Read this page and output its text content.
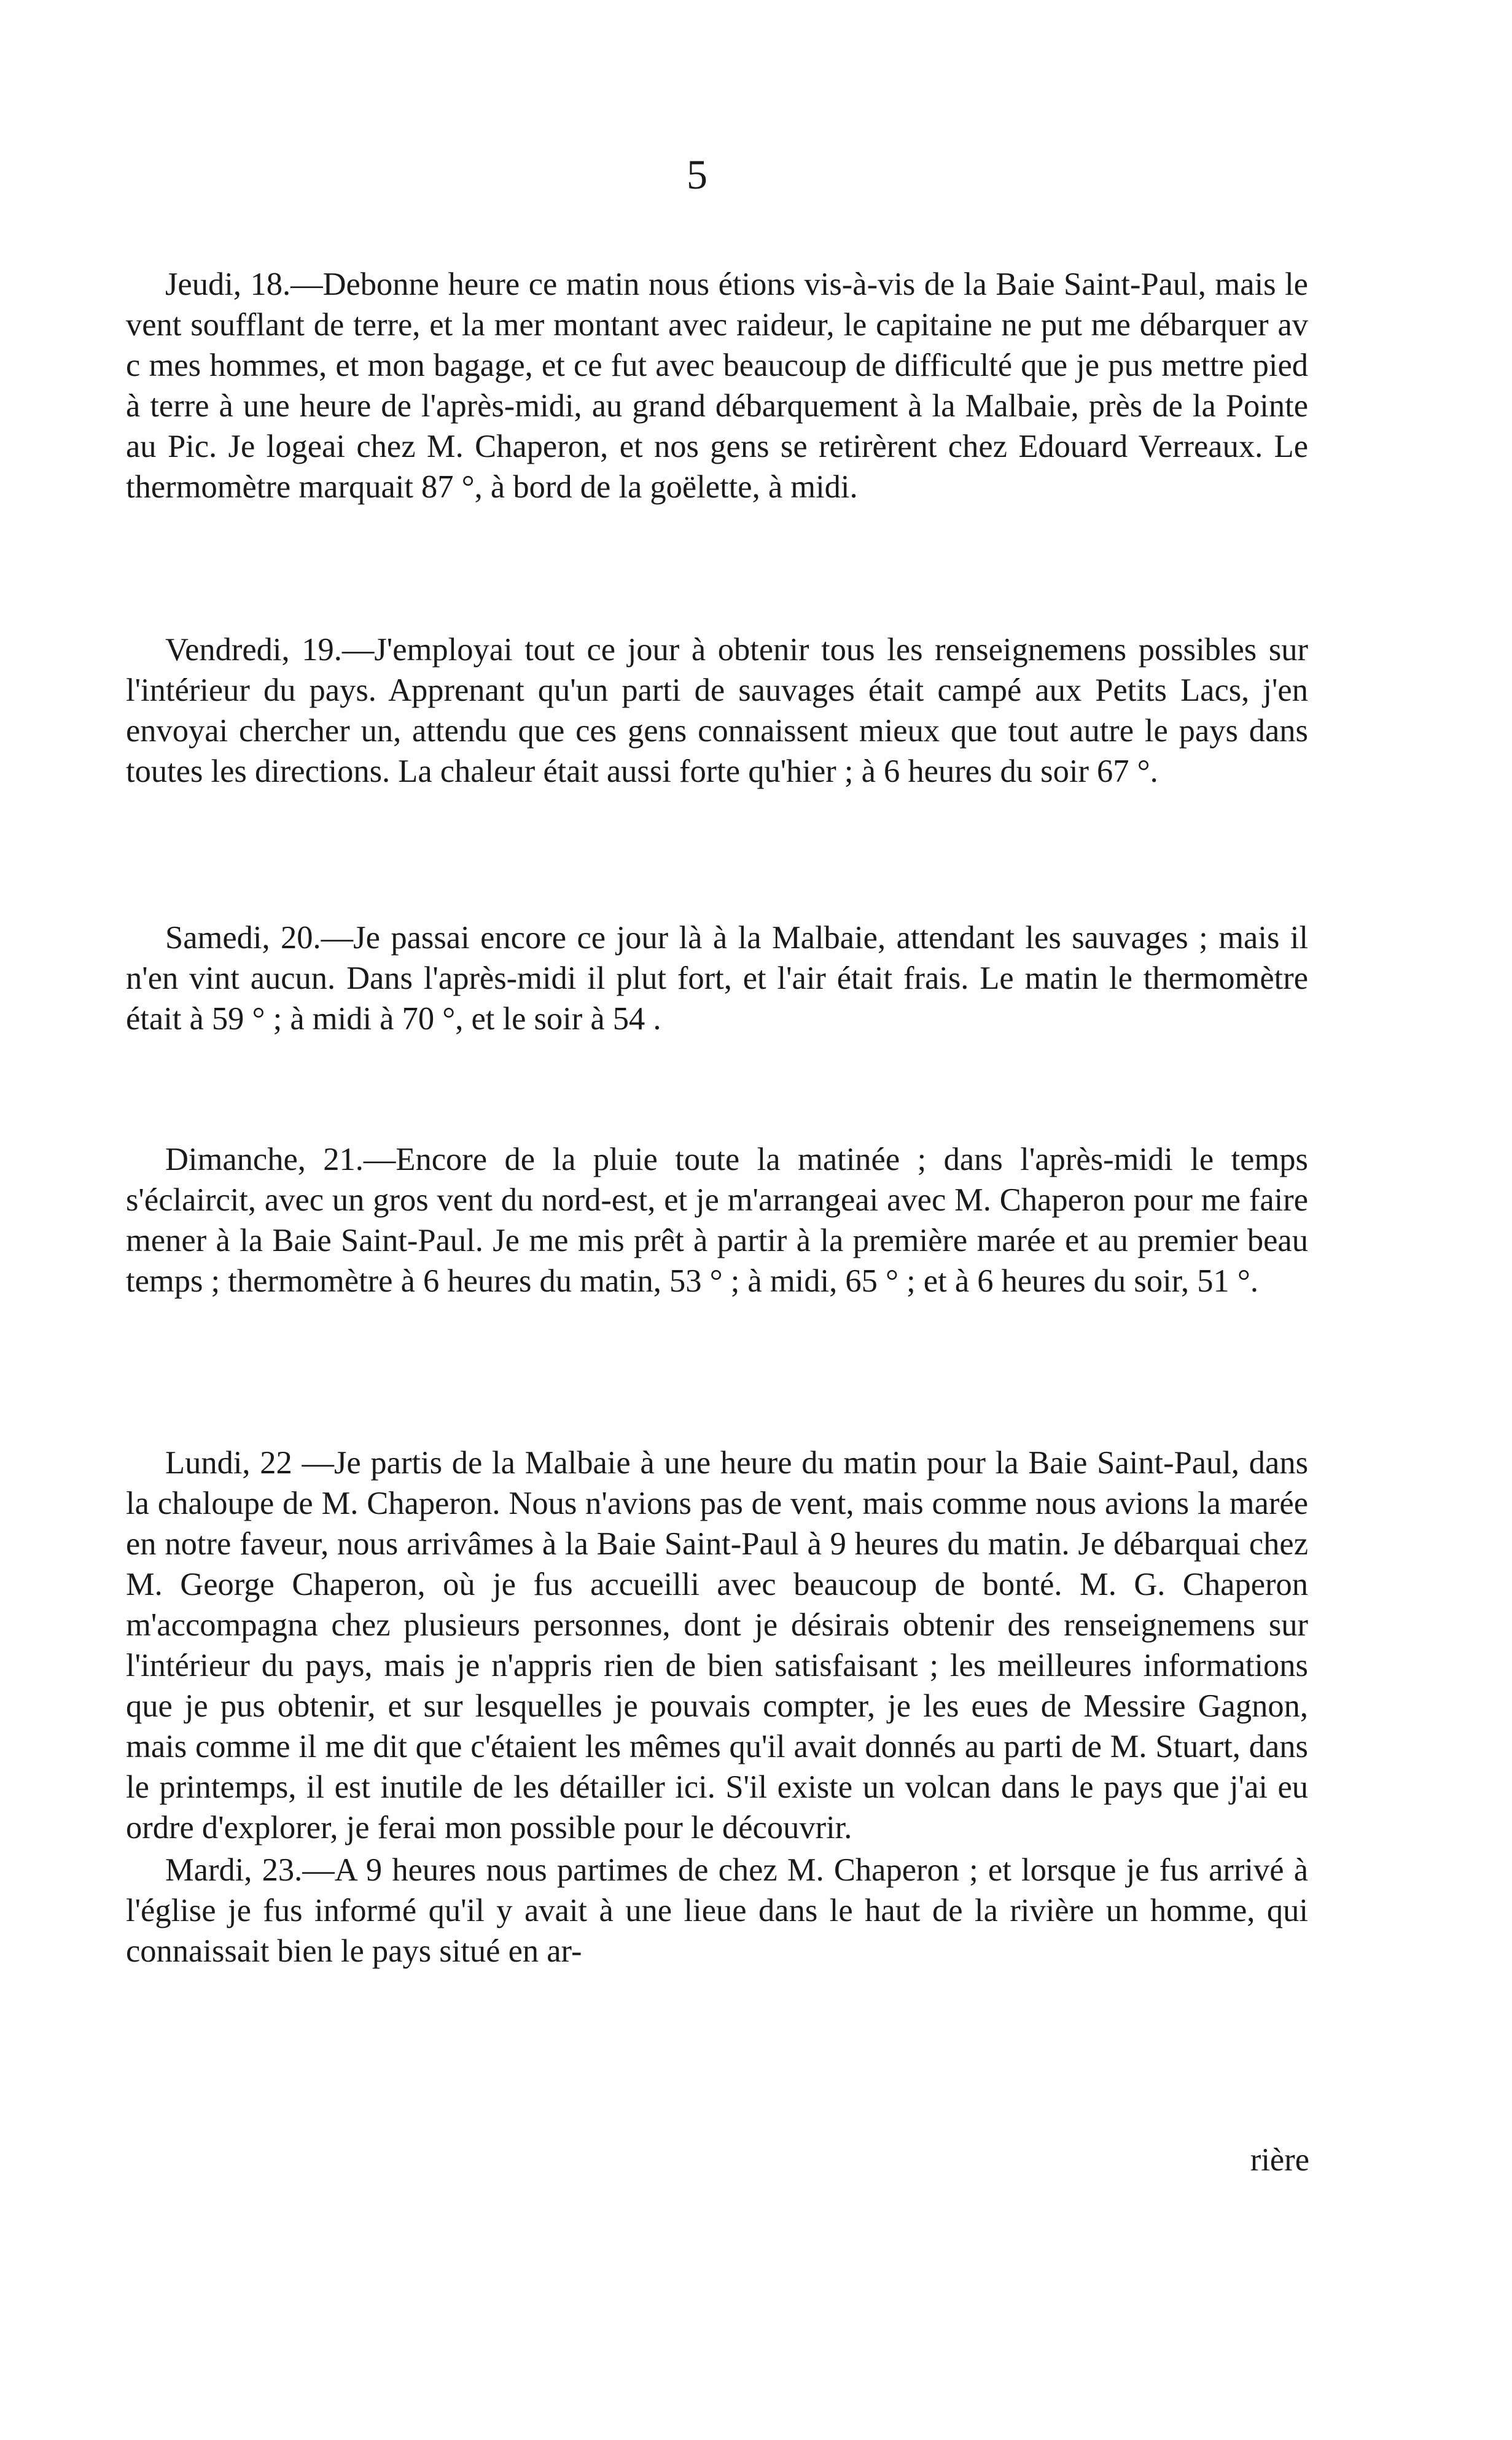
5

Jeudi, 18.—Debonne heure ce matin nous étions vis-à-vis de la Baie Saint-Paul, mais le vent soufflant de terre, et la mer montant avec raideur, le capitaine ne put me débarquer av c mes hommes, et mon bagage, et ce fut avec beaucoup de difficulté que je pus mettre pied à terre à une heure de l'après-midi, au grand débarquement à la Malbaie, près de la Pointe au Pic. Je logeai chez M. Chaperon, et nos gens se retirèrent chez Edouard Verreaux. Le thermomètre marquait 87 °, à bord de la goëlette, à midi.

Vendredi, 19.—J'employai tout ce jour à obtenir tous les renseignemens possibles sur l'intérieur du pays. Apprenant qu'un parti de sauvages était campé aux Petits Lacs, j'en envoyai chercher un, attendu que ces gens connaissent mieux que tout autre le pays dans toutes les directions. La chaleur était aussi forte qu'hier ; à 6 heures du soir 67 °.

Samedi, 20.—Je passai encore ce jour là à la Malbaie, attendant les sauvages ; mais il n'en vint aucun. Dans l'après-midi il plut fort, et l'air était frais. Le matin le thermomètre était à 59 ° ; à midi à 70 °, et le soir à 54 .

Dimanche, 21.—Encore de la pluie toute la matinée ; dans l'après-midi le temps s'éclaircit, avec un gros vent du nord-est, et je m'arrangeai avec M. Chaperon pour me faire mener à la Baie Saint-Paul. Je me mis prêt à partir à la première marée et au premier beau temps ; thermomètre à 6 heures du matin, 53 ° ; à midi, 65 ° ; et à 6 heures du soir, 51 °.

Lundi, 22 —Je partis de la Malbaie à une heure du matin pour la Baie Saint-Paul, dans la chaloupe de M. Chaperon. Nous n'avions pas de vent, mais comme nous avions la marée en notre faveur, nous arrivâmes à la Baie Saint-Paul à 9 heures du matin. Je débarquai chez M. George Chaperon, où je fus accueilli avec beaucoup de bonté. M. G. Chaperon m'accompagna chez plusieurs personnes, dont je désirais obtenir des renseignemens sur l'intérieur du pays, mais je n'appris rien de bien satisfaisant ; les meilleures informations que je pus obtenir, et sur lesquelles je pouvais compter, je les eues de Messire Gagnon, mais comme il me dit que c'étaient les mêmes qu'il avait donnés au parti de M. Stuart, dans le printemps, il est inutile de les détailler ici. S'il existe un volcan dans le pays que j'ai eu ordre d'explorer, je ferai mon possible pour le découvrir.

Mardi, 23.—A 9 heures nous partimes de chez M. Chaperon ; et lorsque je fus arrivé à l'église je fus informé qu'il y avait à une lieue dans le haut de la rivière un homme, qui connaissait bien le pays situé en ar-

rière
